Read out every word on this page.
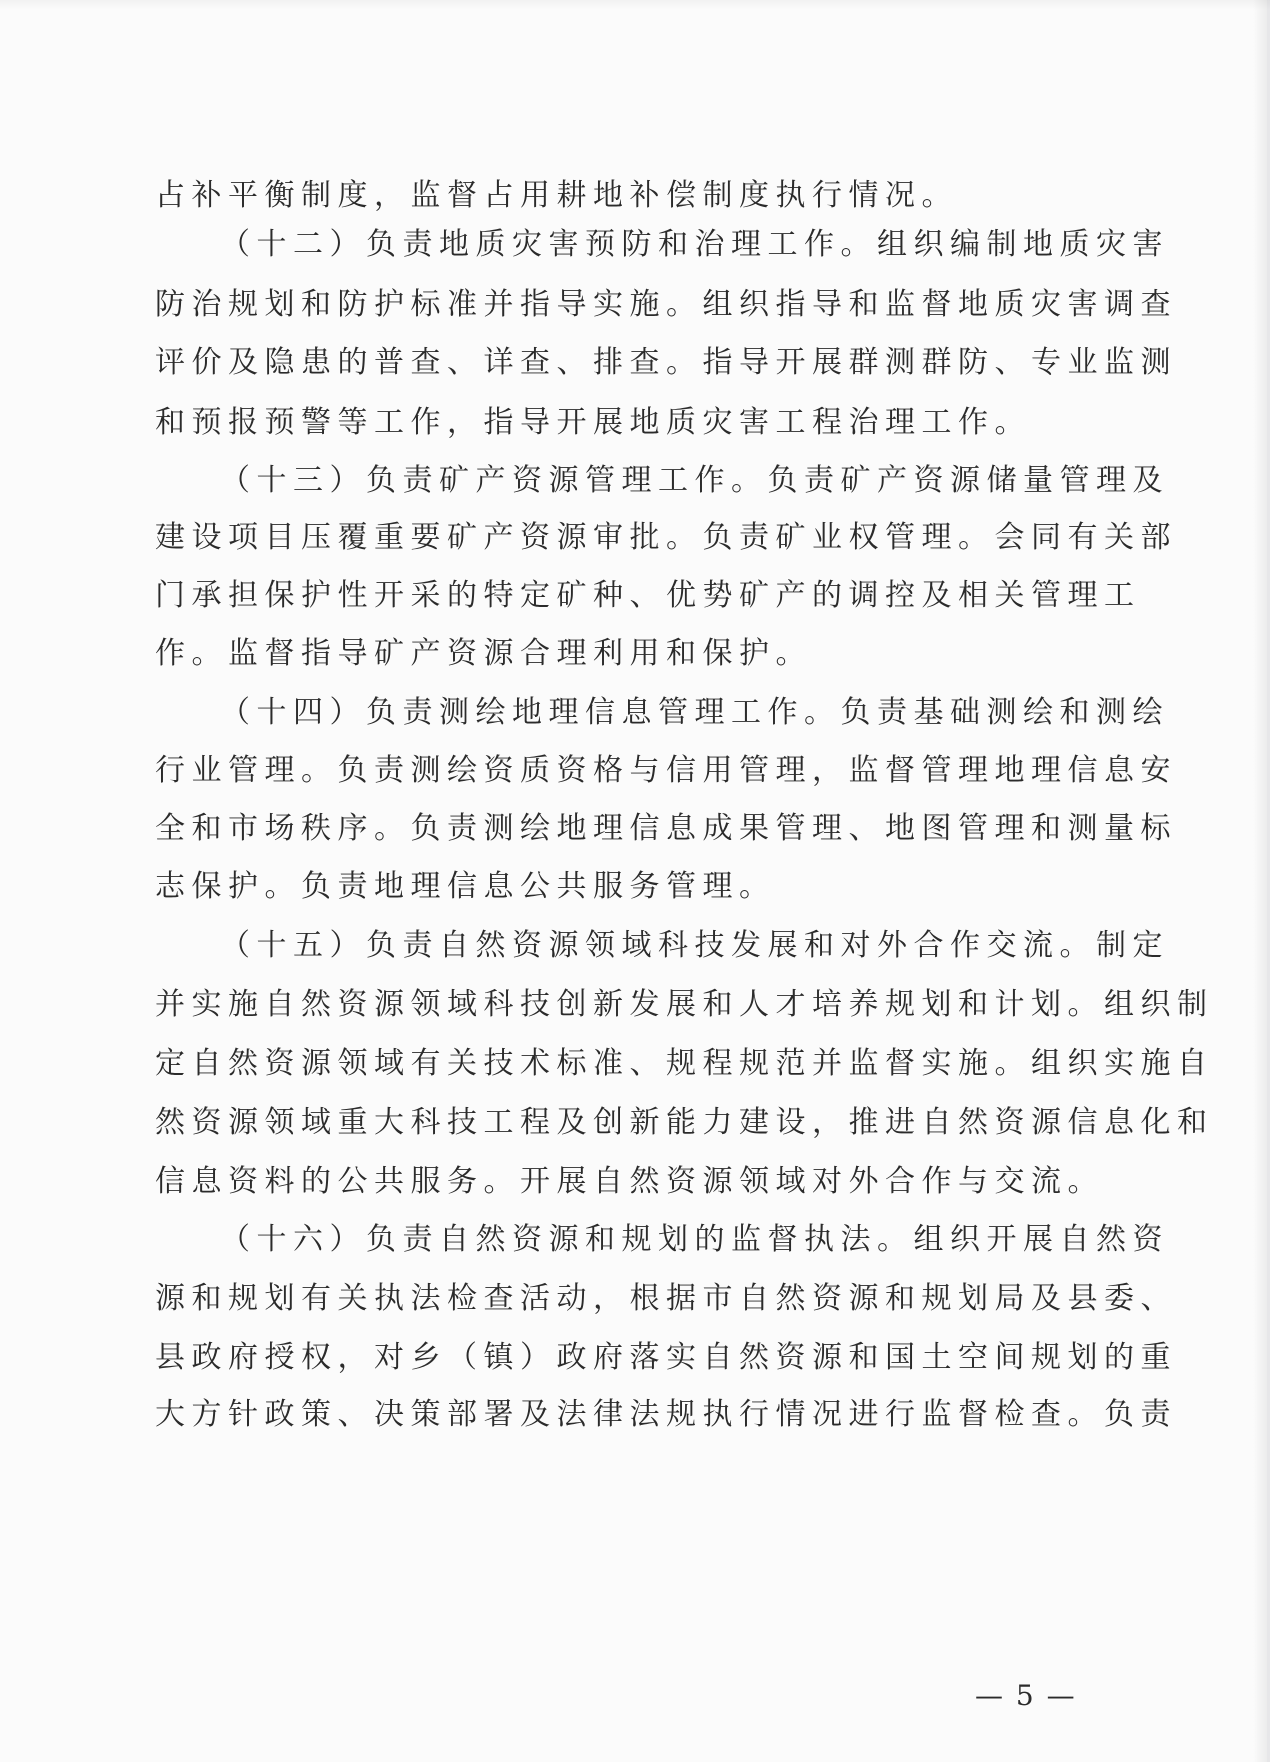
占补平衡制度，监督占用耕地补偿制度执行情况。

（十二）负责地质灾害预防和治理工作。组织编制地质灾害

防治规划和防护标准并指导实施。组织指导和监督地质灾害调查

评价及隐患的普查、详查、排查。指导开展群测群防、专业监测

和预报预警等工作，指导开展地质灾害工程治理工作。

（十三）负责矿产资源管理工作。负责矿产资源储量管理及

建设项目压覆重要矿产资源审批。负责矿业权管理。会同有关部

门承担保护性开采的特定矿种、优势矿产的调控及相关管理工

作。监督指导矿产资源合理利用和保护。

（十四）负责测绘地理信息管理工作。负责基础测绘和测绘

行业管理。负责测绘资质资格与信用管理，监督管理地理信息安

全和市场秩序。负责测绘地理信息成果管理、地图管理和测量标

志保护。负责地理信息公共服务管理。

（十五）负责自然资源领域科技发展和对外合作交流。制定

并实施自然资源领域科技创新发展和人才培养规划和计划。组织制

定自然资源领域有关技术标准、规程规范并监督实施。组织实施自

然资源领域重大科技工程及创新能力建设，推进自然资源信息化和

信息资料的公共服务。开展自然资源领域对外合作与交流。

（十六）负责自然资源和规划的监督执法。组织开展自然资

源和规划有关执法检查活动，根据市自然资源和规划局及县委、

县政府授权，对乡（镇）政府落实自然资源和国土空间规划的重

大方针政策、决策部署及法律法规执行情况进行监督检查。负责

— 5 —
